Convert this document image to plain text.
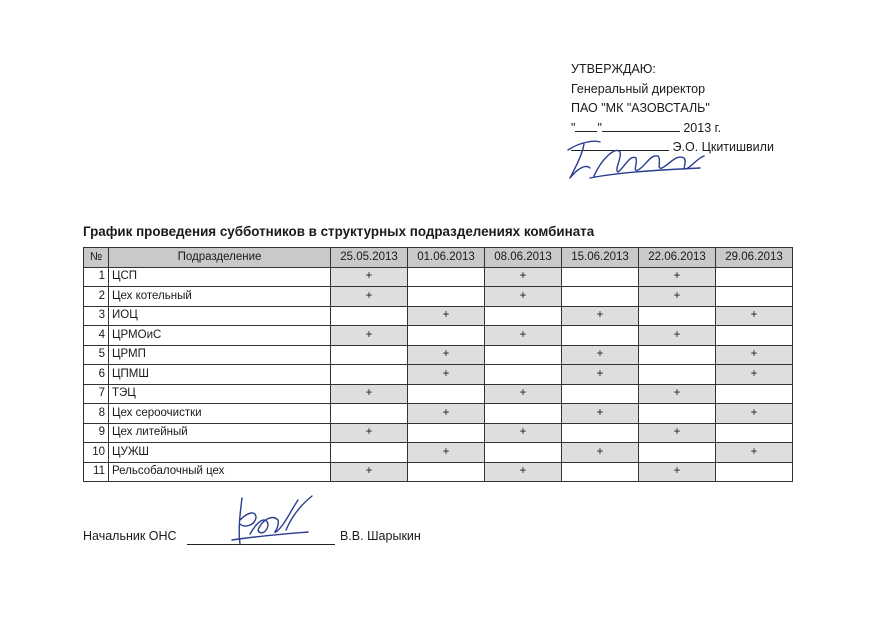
УТВЕРЖДАЮ:
Генеральный директор
ПАО "МК "АЗОВСТАЛЬ"
" "	2013 г.
Э.О. Цкитишвили
График проведения субботников в структурных подразделениях комбината
№	Подразделение	25.05.2013	01.06.2013	08.06.2013	15.06.2013	22.06.2013	29.06.2013
1	ЦСП	+		+		+	
2	Цех котельный	+		+		+	
3	ИОЦ		+		+		+
4	ЦРМОиС	+		+		+	
5	ЦРМП		+		+		+
6	ЦПМШ		+		+		+
7	ТЭЦ	+		+		+	
8	Цех сероочистки		+		+		+
9	Цех литейный	+		+		+	
10	ЦУЖШ		+		+		+
11	Рельсобалочный цех	+		+		+	
Начальник ОНС	В.В. Шарыкин
